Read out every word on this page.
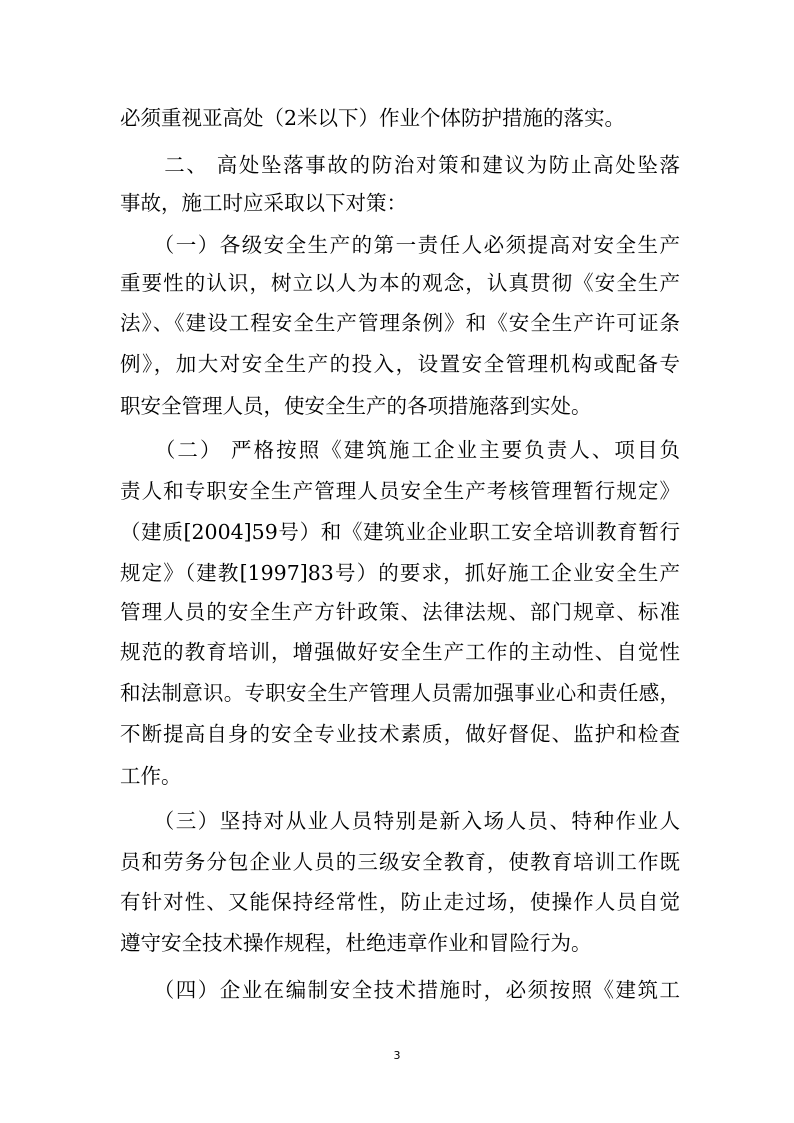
必须重视亚高处（2米以下）作业个体防护措施的落实。
　　二、 高处坠落事故的防治对策和建议为防止高处坠落
事故，施工时应采取以下对策：
　　（一）各级安全生产的第一责任人必须提高对安全生产
重要性的认识，树立以人为本的观念，认真贯彻《安全生产
法》、《建设工程安全生产管理条例》和《安全生产许可证条
例》，加大对安全生产的投入，设置安全管理机构或配备专
职安全管理人员，使安全生产的各项措施落到实处。
　　（二） 严格按照《建筑施工企业主要负责人、项目负
责人和专职安全生产管理人员安全生产考核管理暂行规定》
（建质[2004]59号）和《建筑业企业职工安全培训教育暂行
规定》（建教[1997]83号）的要求，抓好施工企业安全生产
管理人员的安全生产方针政策、法律法规、部门规章、标准
规范的教育培训，增强做好安全生产工作的主动性、自觉性
和法制意识。专职安全生产管理人员需加强事业心和责任感，
不断提高自身的安全专业技术素质，做好督促、监护和检查
工作。
　　（三）坚持对从业人员特别是新入场人员、特种作业人
员和劳务分包企业人员的三级安全教育，使教育培训工作既
有针对性、又能保持经常性，防止走过场，使操作人员自觉
遵守安全技术操作规程，杜绝违章作业和冒险行为。
　　（四）企业在编制安全技术措施时，必须按照《建筑工
3
